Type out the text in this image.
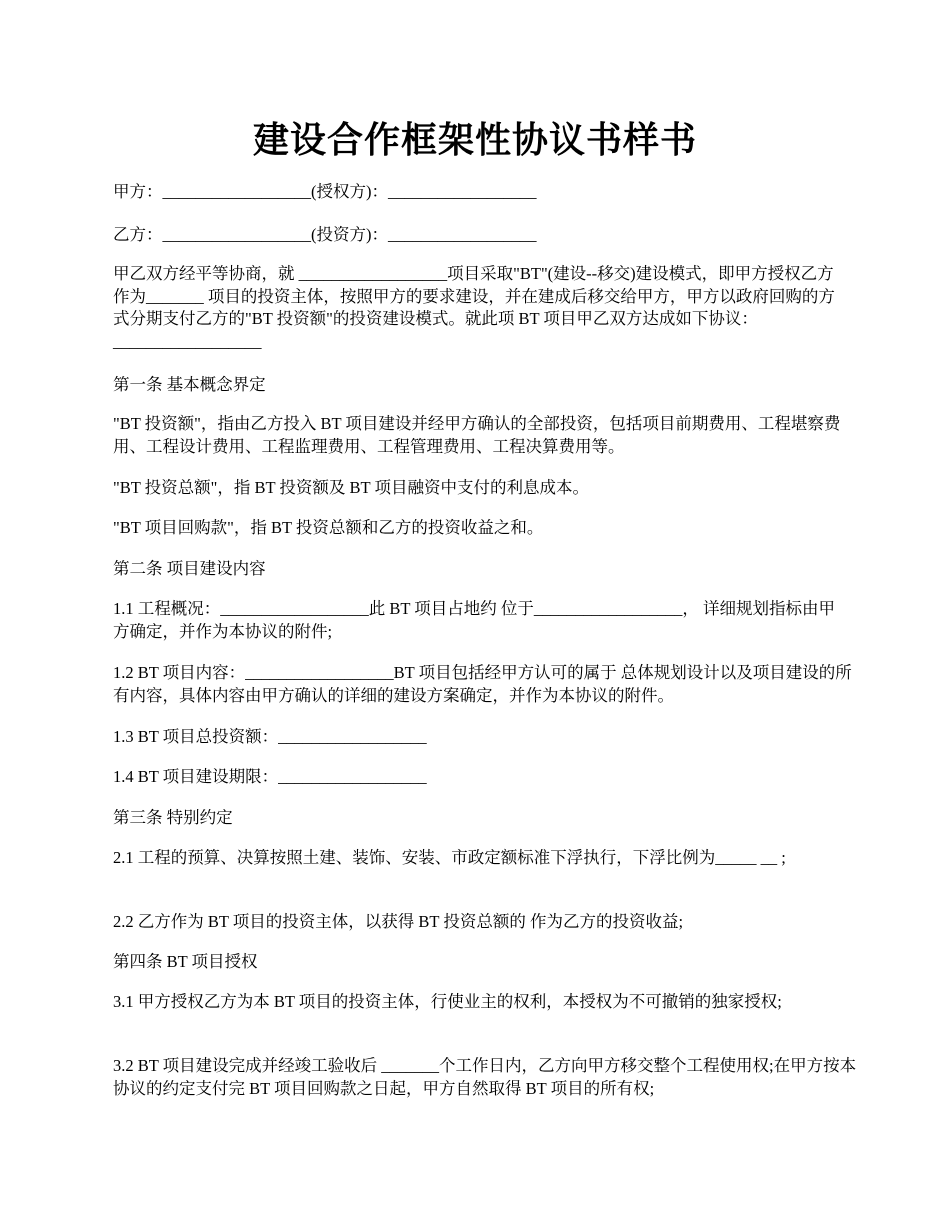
建设合作框架性协议书样书
甲方：__________________(授权方)：__________________
乙方：__________________(投资方)：__________________
甲乙双方经平等协商，就 __________________项目采取"BT"(建设--移交)建设模式，即甲方授权乙方作为_______ 项目的投资主体，按照甲方的要求建设，并在建成后移交给甲方，甲方以政府回购的方式分期支付乙方的"BT 投资额"的投资建设模式。就此项 BT 项目甲乙双方达成如下协议：__________________
第一条 基本概念界定
"BT 投资额"，指由乙方投入 BT 项目建设并经甲方确认的全部投资，包括项目前期费用、工程堪察费用、工程设计费用、工程监理费用、工程管理费用、工程决算费用等。
"BT 投资总额"，指 BT 投资额及 BT 项目融资中支付的利息成本。
"BT 项目回购款"，指 BT 投资总额和乙方的投资收益之和。
第二条 项目建设内容
1.1 工程概况：__________________此 BT 项目占地约 位于__________________， 详细规划指标由甲方确定，并作为本协议的附件;
1.2 BT 项目内容：__________________BT 项目包括经甲方认可的属于 总体规划设计以及项目建设的所有内容，具体内容由甲方确认的详细的建设方案确定，并作为本协议的附件。
1.3 BT 项目总投资额：__________________
1.4 BT 项目建设期限：__________________
第三条 特别约定
2.1 工程的预算、决算按照土建、装饰、安装、市政定额标准下浮执行，下浮比例为_____ __ ;
2.2 乙方作为 BT 项目的投资主体，以获得 BT 投资总额的 作为乙方的投资收益;
第四条 BT 项目授权
3.1 甲方授权乙方为本 BT 项目的投资主体，行使业主的权利，本授权为不可撤销的独家授权;
3.2 BT 项目建设完成并经竣工验收后 _______个工作日内，乙方向甲方移交整个工程使用权;在甲方按本协议的约定支付完 BT 项目回购款之日起，甲方自然取得 BT 项目的所有权;
